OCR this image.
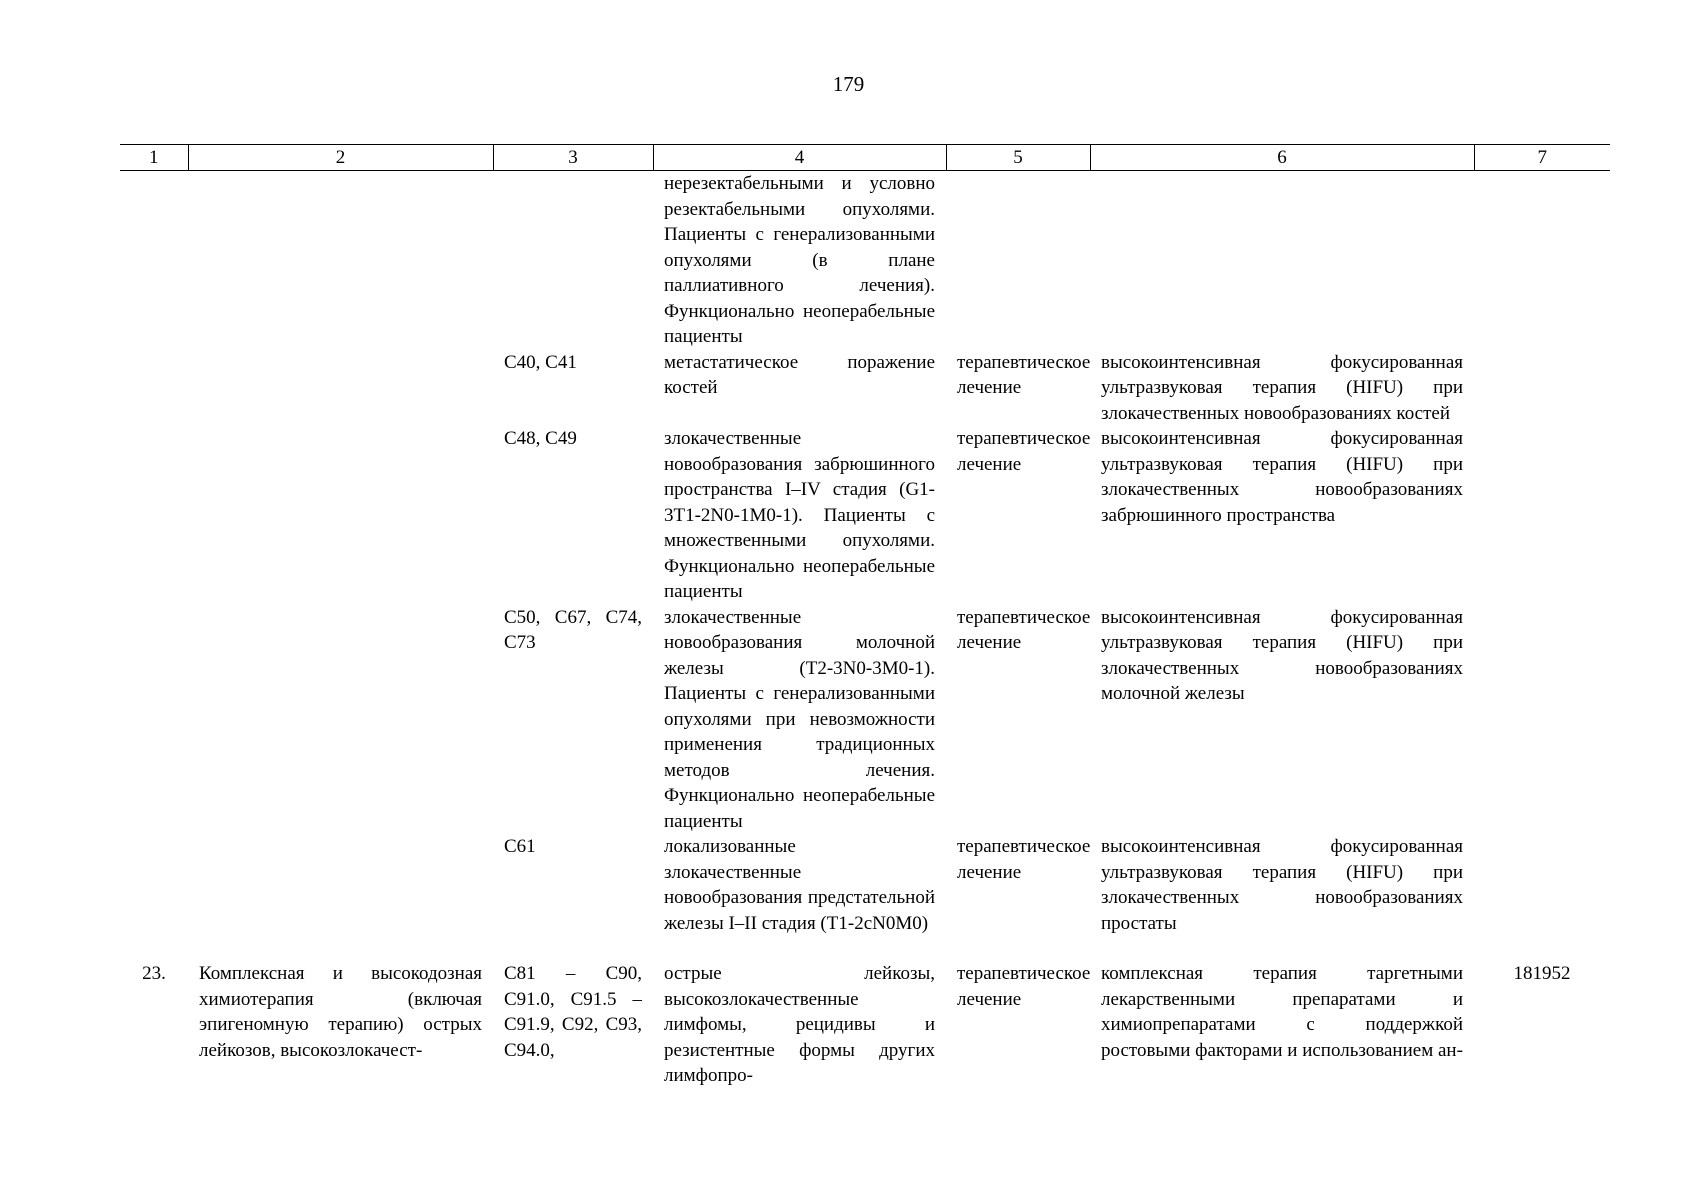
179
1	2	3	4	5	6	7
			нерезектабельными и условно резектабельными опухолями. Пациенты с генерализованными опухолями (в плане паллиативного лечения). Функционально неоперабельные пациенты			
		C40, C41	метастатическое поражение костей	терапевтическое лечение	высокоинтенсивная фокусированная ультразвуковая терапия (HIFU) при злокачественных новообразованиях костей	
		C48, C49	злокачественные новообразования забрюшинного пространства I–IV стадия (G1-3T1-2N0-1M0-1). Пациенты с множественными опухолями. Функционально неоперабельные пациенты	терапевтическое лечение	высокоинтенсивная фокусированная ультразвуковая терапия (HIFU) при злокачественных новообразованиях забрюшинного пространства	
		C50, C67, C74, C73	злокачественные новообразования молочной железы (T2-3N0-3M0-1). Пациенты с генерализованными опухолями при невозможности применения традиционных методов лечения. Функционально неоперабельные пациенты	терапевтическое лечение	высокоинтенсивная фокусированная ультразвуковая терапия (HIFU) при злокачественных новообразованиях молочной железы	
		C61	локализованные злокачественные новообразования предстательной железы I–II стадия (T1-2cN0M0)	терапевтическое лечение	высокоинтенсивная фокусированная ультразвуковая терапия (HIFU) при злокачественных новообразованиях простаты	
23.	Комплексная и высокодозная химиотерапия (включая эпигеномную терапию) острых лейкозов, высокозлокачест-	C81 – C90, C91.0, C91.5 – C91.9, C92, C93, C94.0,	острые лейкозы, высокозлокачественные лимфомы, рецидивы и резистентные формы других лимфопро-	терапевтическое лечение	комплексная терапия таргетными лекарственными препаратами и химиопрепаратами с поддержкой ростовыми факторами и использованием ан-	181952
